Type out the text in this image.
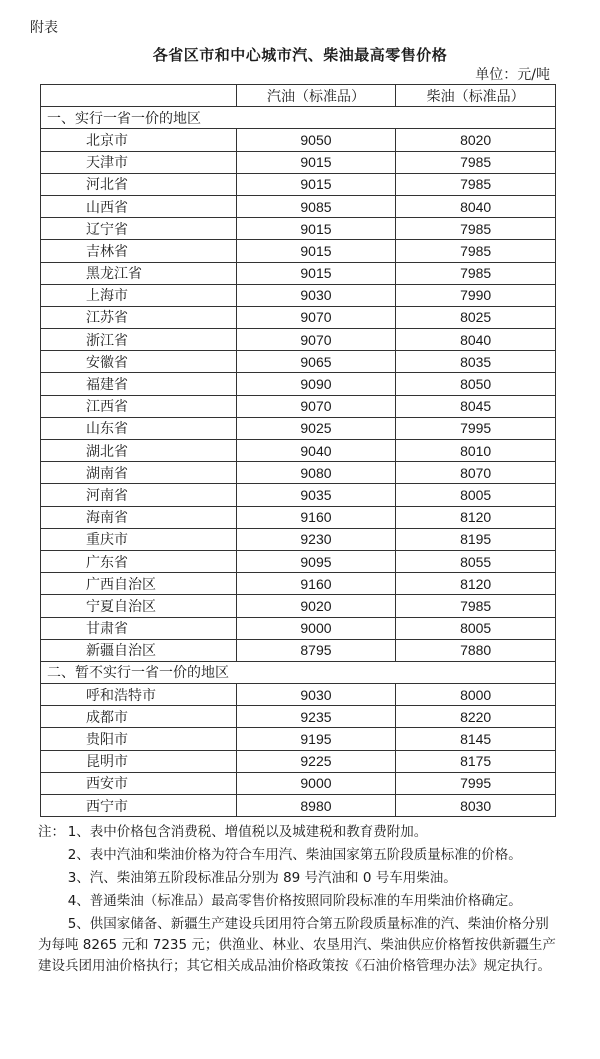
附表
各省区市和中心城市汽、柴油最高零售价格
单位：元/吨
	汽油（标准品）	柴油（标准品）
一、实行一省一价的地区		
北京市	9050	8020
天津市	9015	7985
河北省	9015	7985
山西省	9085	8040
辽宁省	9015	7985
吉林省	9015	7985
黑龙江省	9015	7985
上海市	9030	7990
江苏省	9070	8025
浙江省	9070	8040
安徽省	9065	8035
福建省	9090	8050
江西省	9070	8045
山东省	9025	7995
湖北省	9040	8010
湖南省	9080	8070
河南省	9035	8005
海南省	9160	8120
重庆市	9230	8195
广东省	9095	8055
广西自治区	9160	8120
宁夏自治区	9020	7985
甘肃省	9000	8005
新疆自治区	8795	7880
二、暂不实行一省一价的地区		
呼和浩特市	9030	8000
成都市	9235	8220
贵阳市	9195	8145
昆明市	9225	8175
西安市	9000	7995
西宁市	8980	8030

注： 1、表中价格包含消费税、增值税以及城建税和教育费附加。

2、表中汽油和柴油价格为符合车用汽、柴油国家第五阶段质量标准的价格。

3、汽、柴油第五阶段标准品分别为 89 号汽油和 0 号车用柴油。

4、普通柴油（标准品）最高零售价格按照同阶段标准的车用柴油价格确定。

5、供国家储备、新疆生产建设兵团用符合第五阶段质量标准的汽、柴油价格分别为每吨 8265 元和 7235 元；供渔业、林业、农垦用汽、柴油供应价格暂按供新疆生产建设兵团用油价格执行；其它相关成品油价格政策按《石油价格管理办法》规定执行。
